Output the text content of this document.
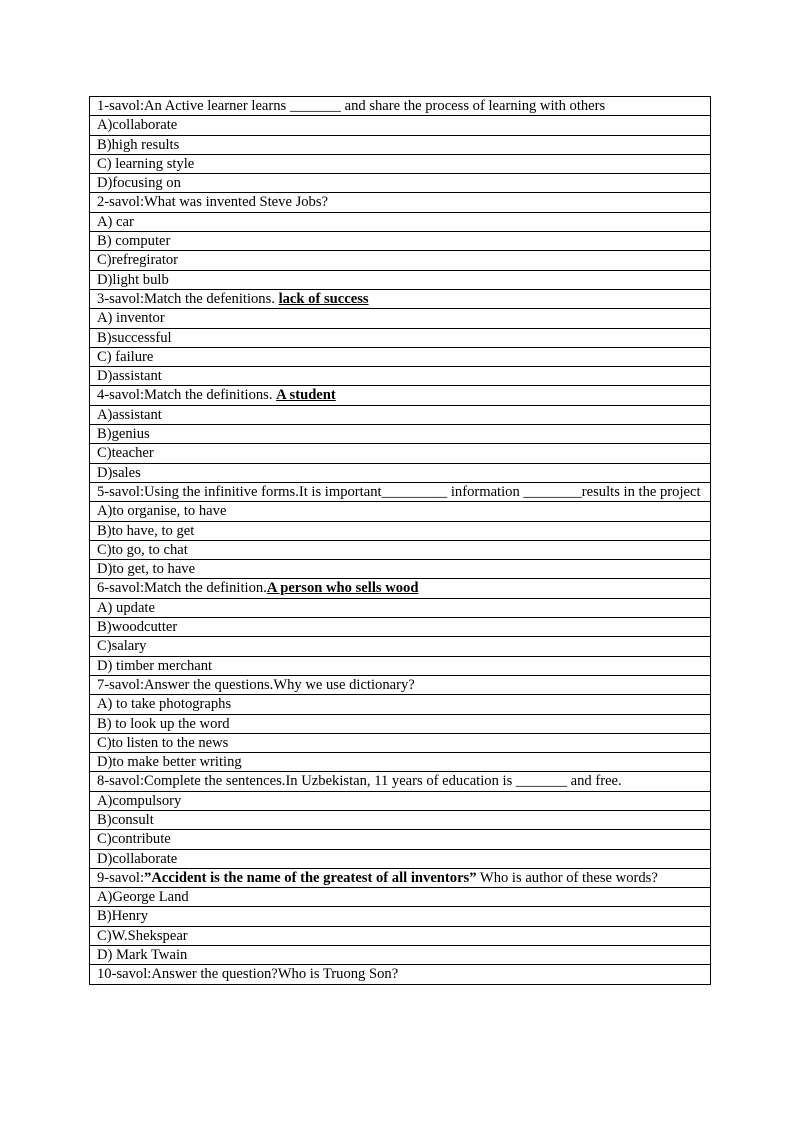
1-savol:An Active learner learns _______ and share the process of learning with others
A)collaborate
B)high results
C) learning style
D)focusing on
2-savol:What was invented Steve Jobs?
A) car
B) computer
C)refregirator
D)light bulb
3-savol:Match the defenitions. lack of success
A) inventor
B)successful
C) failure
D)assistant
4-savol:Match the definitions. A student
A)assistant
B)genius
C)teacher
D)sales
5-savol:Using the infinitive forms.It is important_________ information ________results in the project
A)to organise, to have
B)to have, to get
C)to go, to chat
D)to get, to have
6-savol:Match the definition.A person who sells wood
A) update
B)woodcutter
C)salary
D) timber merchant
7-savol:Answer the questions.Why we use dictionary?
A) to take photographs
B) to look up the word
C)to listen to the news
D)to make better writing
8-savol:Complete the sentences.In Uzbekistan, 11 years of education is _______ and free.
A)compulsory
B)consult
C)contribute
D)collaborate
9-savol:”Accident is the name of the greatest of all inventors” Who is author of these words?
A)George Land
B)Henry
C)W.Shekspear
D) Mark Twain
10-savol:Answer the question?Who is Truong Son?
